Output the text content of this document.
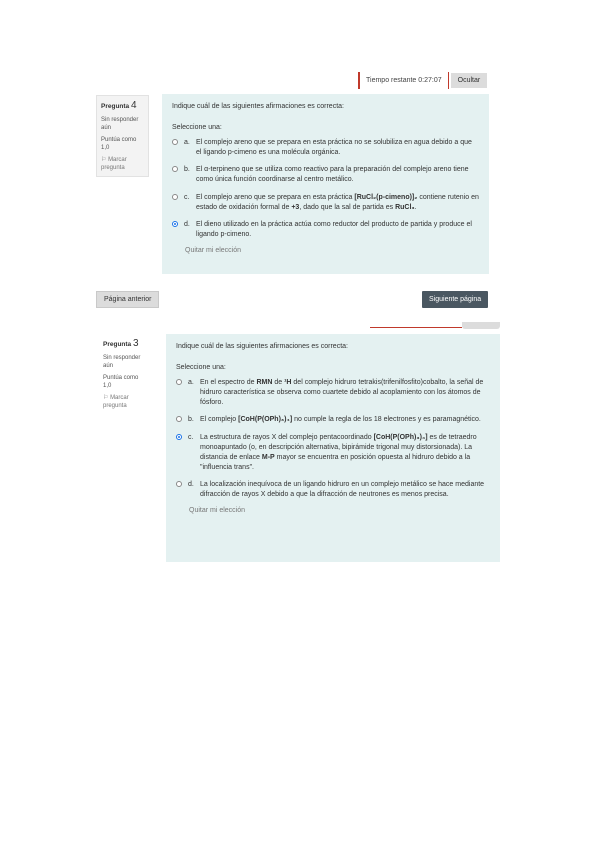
Tiempo restante 0:27:07	Ocultar
Pregunta 4
Sin responder aún
Puntúa como 1,0
⚐ Marcar pregunta

Indique cuál de las siguientes afirmaciones es correcta:

Seleccione una:

a. El complejo areno que se prepara en esta práctica no se solubiliza en agua debido a que el ligando p-cimeno es una molécula orgánica.
b. El α-terpineno que se utiliza como reactivo para la preparación del complejo areno tiene como única función coordinarse al centro metálico.
c. El complejo areno que se prepara en esta práctica [RuCl₂(p-cimeno)]₂ contiene rutenio en estado de oxidación formal de +3, dado que la sal de partida es RuCl₃.
d. El dieno utilizado en la práctica actúa como reductor del producto de partida y produce el ligando p-cimeno.
Quitar mi elección
Página anterior	Siguiente página
Pregunta 3
Sin responder aún
Puntúa como 1,0
⚐ Marcar pregunta

Indique cuál de las siguientes afirmaciones es correcta:

Seleccione una:

a. En el espectro de RMN de ¹H del complejo hidruro tetrakis(trifenilfosfito)cobalto, la señal de hidruro característica se observa como cuartete debido al acoplamiento con los átomos de fósforo.
b. El complejo [CoH(P(OPh)₃)₄] no cumple la regla de los 18 electrones y es paramagnético.
c. La estructura de rayos X del complejo pentacoordinado [CoH(P(OPh)₃)₄] es de tetraedro monoapuntado (o, en descripción alternativa, bipirámide trigonal muy distorsionada). La distancia de enlace M-P mayor se encuentra en posición opuesta al hidruro debido a la "influencia trans".
d. La localización inequívoca de un ligando hidruro en un complejo metálico se hace mediante difracción de rayos X debido a que la difracción de neutrones es menos precisa.
Quitar mi elección
